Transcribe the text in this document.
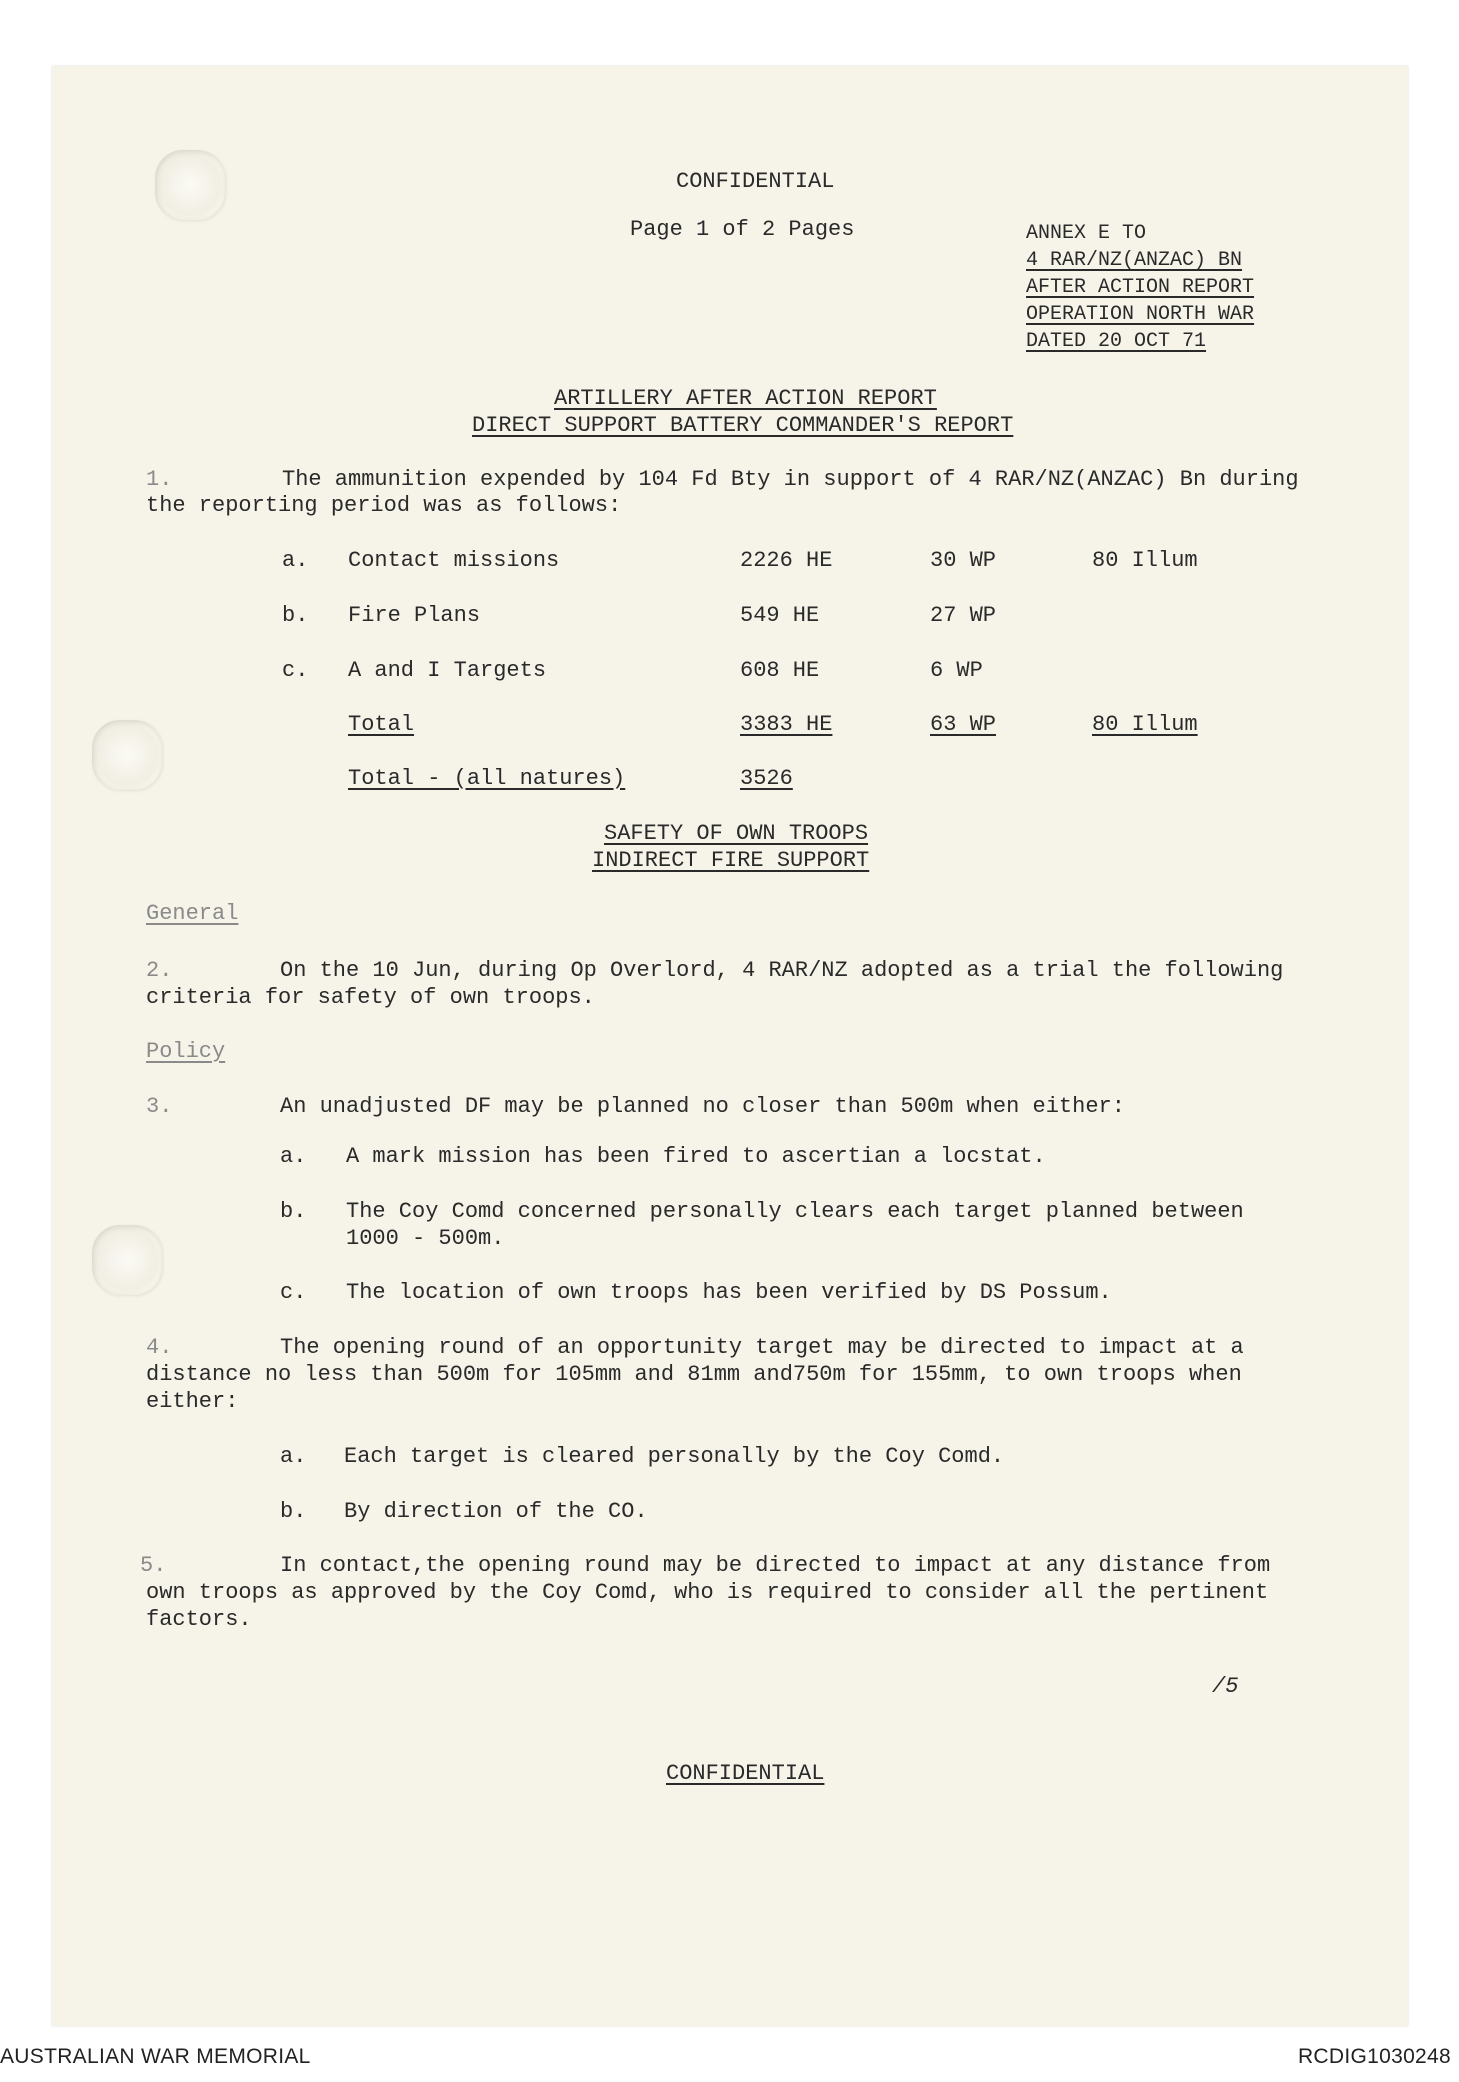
CONFIDENTIAL
Page 1 of 2 Pages	ANNEX E TO
4 RAR/NZ(ANZAC) BN
AFTER ACTION REPORT
OPERATION NORTH WAR
DATED 20 OCT 71
ARTILLERY AFTER ACTION REPORT
DIRECT SUPPORT BATTERY COMMANDER'S REPORT
1.	The ammunition expended by 104 Fd Bty in support of 4 RAR/NZ(ANZAC) Bn during
the reporting period was as follows:
a. Contact missions	2226 HE	30 WP	80 Illum
b. Fire Plans	549 HE	27 WP
c. A and I Targets	608 HE	6 WP
Total	3383 HE	63 WP	80 Illum
Total - (all natures)	3526
SAFETY OF OWN TROOPS
INDIRECT FIRE SUPPORT
General
2.	On the 10 Jun, during Op Overlord, 4 RAR/NZ adopted as a trial the following
criteria for safety of own troops.
Policy
3.	An unadjusted DF may be planned no closer than 500m when either:
a. A mark mission has been fired to ascertian a locstat.
b. The Coy Comd concerned personally clears each target planned between
1000 - 500m.
c. The location of own troops has been verified by DS Possum.
4.	The opening round of an opportunity target may be directed to impact at a
distance no less than 500m for 105mm and 81mm and750m for 155mm, to own troops when
either:
a. Each target is cleared personally by the Coy Comd.
b. By direction of the CO.
5.	In contact,the opening round may be directed to impact at any distance from
own troops as approved by the Coy Comd, who is required to consider all the pertinent
factors.
/5
CONFIDENTIAL
AUSTRALIAN WAR MEMORIAL	RCDIG1030248
